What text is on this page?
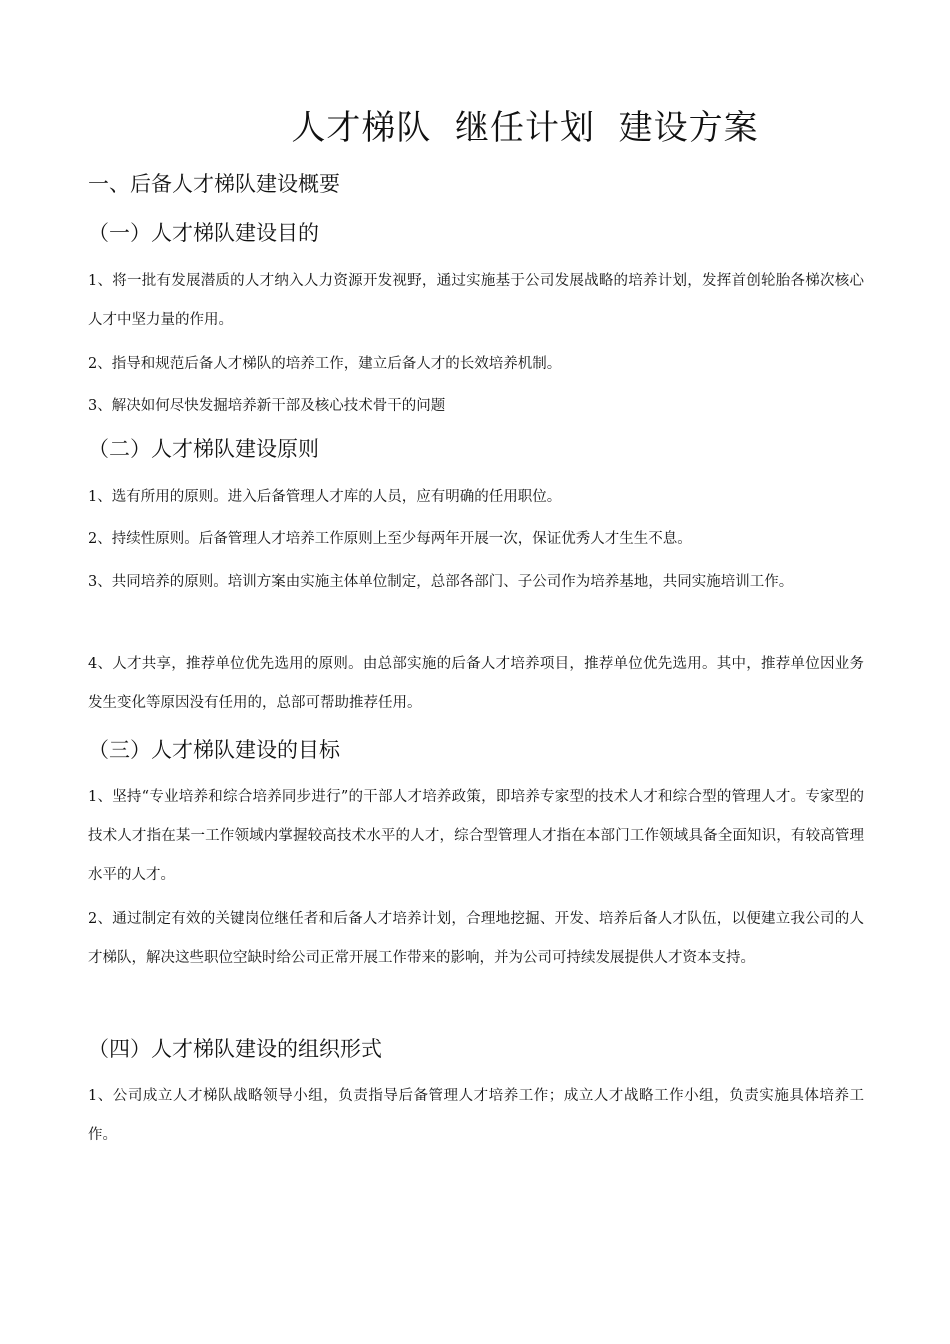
人才梯队  继任计划  建设方案
一、后备人才梯队建设概要
（一）人才梯队建设目的
1、将一批有发展潜质的人才纳入人力资源开发视野，通过实施基于公司发展战略的培养计划，发挥首创轮胎各梯次核心人才中坚力量的作用。
2、指导和规范后备人才梯队的培养工作，建立后备人才的长效培养机制。
3、解决如何尽快发掘培养新干部及核心技术骨干的问题
（二）人才梯队建设原则
1、选有所用的原则。进入后备管理人才库的人员，应有明确的任用职位。
2、持续性原则。后备管理人才培养工作原则上至少每两年开展一次，保证优秀人才生生不息。
3、共同培养的原则。培训方案由实施主体单位制定，总部各部门、子公司作为培养基地，共同实施培训工作。
4、人才共享，推荐单位优先选用的原则。由总部实施的后备人才培养项目，推荐单位优先选用。其中，推荐单位因业务发生变化等原因没有任用的，总部可帮助推荐任用。
（三）人才梯队建设的目标
1、坚持“专业培养和综合培养同步进行”的干部人才培养政策，即培养专家型的技术人才和综合型的管理人才。专家型的技术人才指在某一工作领域内掌握较高技术水平的人才，综合型管理人才指在本部门工作领域具备全面知识，有较高管理水平的人才。
2、通过制定有效的关键岗位继任者和后备人才培养计划，合理地挖掘、开发、培养后备人才队伍，以便建立我公司的人才梯队，解决这些职位空缺时给公司正常开展工作带来的影响，并为公司可持续发展提供人才资本支持。
（四）人才梯队建设的组织形式
1、公司成立人才梯队战略领导小组，负责指导后备管理人才培养工作；成立人才战略工作小组，负责实施具体培养工作。
